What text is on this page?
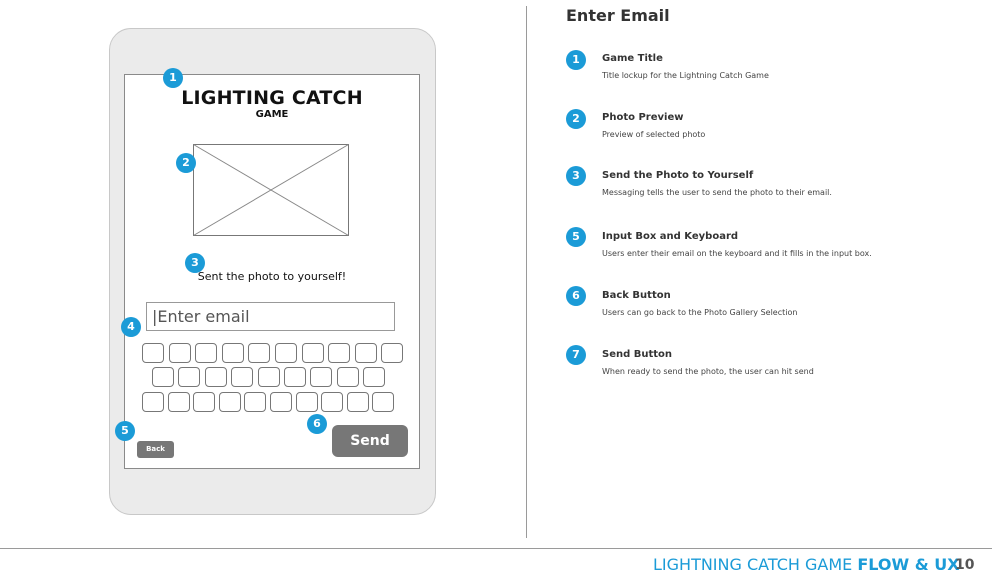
LIGHTING CATCH
GAME
Sent the photo to yourself!
|Enter email
Back	Send
1
2
3
4
5
6
Enter Email
1	Game Title
Title lockup for the Lightning Catch Game
2	Photo Preview
Preview of selected photo
3	Send the Photo to Yourself
Messaging tells the user to send the photo to their email.
5	Input Box and Keyboard
Users enter their email on the keyboard and it fills in the input box.
6	Back Button
Users can go back to the Photo Gallery Selection
7	Send Button
When ready to send the photo, the user can hit send
LIGHTNING CATCH GAME FLOW & UX
10
